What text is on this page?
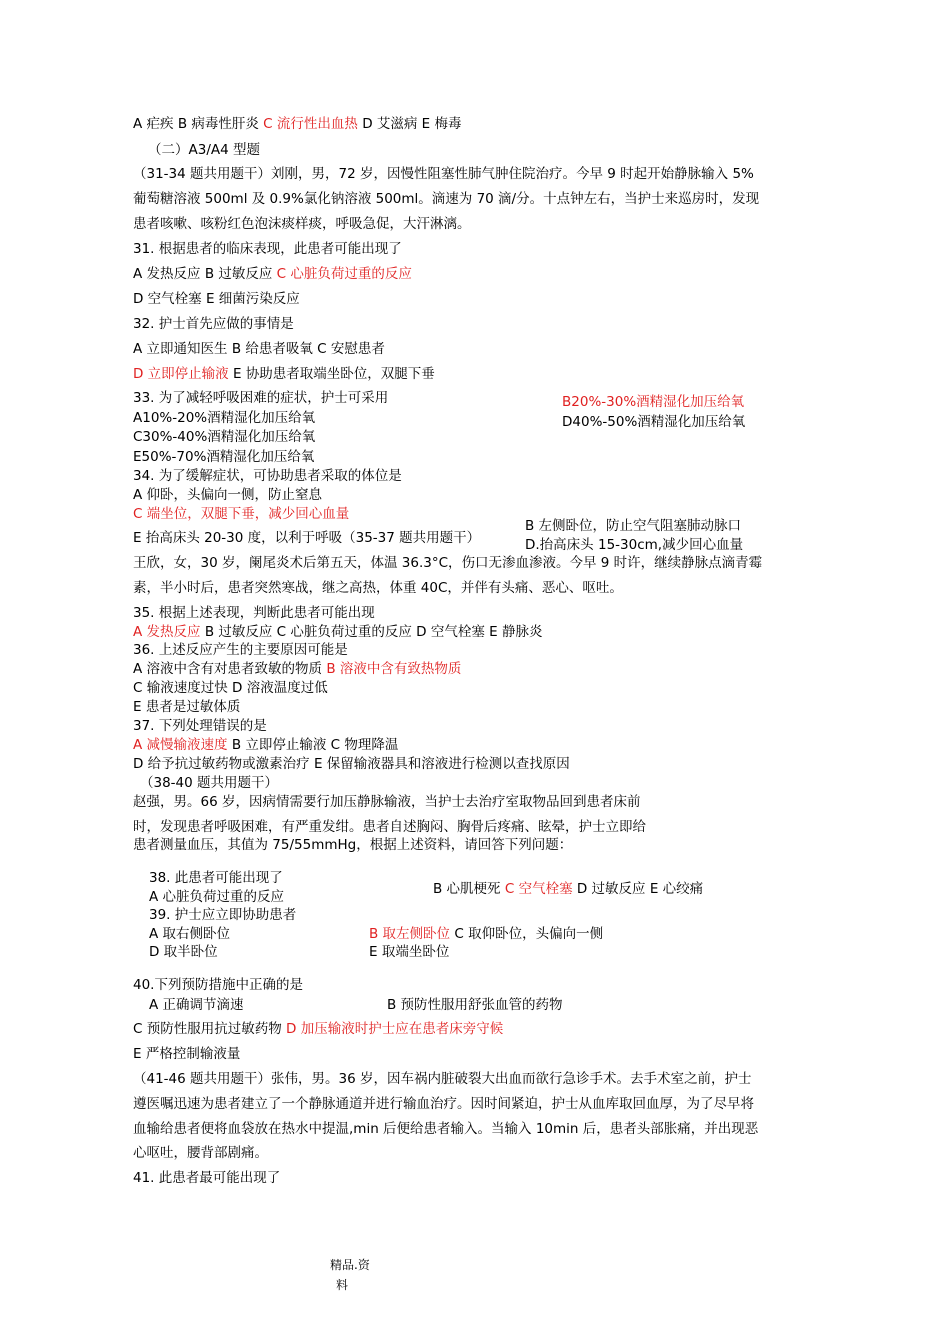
A 疟疾 B 病毒性肝炎 C 流行性出血热 D 艾滋病 E 梅毒
（二）A3/A4 型题
（31-34 题共用题干）刘刚，男，72 岁，因慢性阻塞性肺气肿住院治疗。今早 9 时起开始静脉输入 5%
葡萄糖溶液 500ml 及 0.9%氯化钠溶液 500ml。滴速为 70 滴/分。十点钟左右，当护士来巡房时，发现
患者咳嗽、咳粉红色泡沫痰样痰，呼吸急促，大汗淋漓。
31. 根据患者的临床表现，此患者可能出现了
A 发热反应 B 过敏反应 C 心脏负荷过重的反应
D 空气栓塞 E 细菌污染反应
32. 护士首先应做的事情是
A 立即通知医生 B 给患者吸氧 C 安慰患者
D 立即停止输液 E 协助患者取端坐卧位，双腿下垂
33. 为了减轻呼吸困难的症状，护士可采用	B20%-30%酒精湿化加压给氧
A10%-20%酒精湿化加压给氧	D40%-50%酒精湿化加压给氧
C30%-40%酒精湿化加压给氧
E50%-70%酒精湿化加压给氧
34. 为了缓解症状，可协助患者采取的体位是
A 仰卧，头偏向一侧，防止窒息
C 端坐位，双腿下垂，减少回心血量
B 左侧卧位，防止空气阻塞肺动脉口
E 抬高床头 20-30 度，以利于呼吸（35-37 题共用题干）	D.抬高床头 15-30cm,减少回心血量
王欣，女，30 岁，阑尾炎术后第五天，体温 36.3°C，伤口无渗血渗液。今早 9 时许，继续静脉点滴青霉
素，半小时后，患者突然寒战，继之高热，体重 40C，并伴有头痛、恶心、呕吐。
35. 根据上述表现，判断此患者可能出现
A 发热反应 B 过敏反应 C 心脏负荷过重的反应 D 空气栓塞 E 静脉炎
36. 上述反应产生的主要原因可能是
A 溶液中含有对患者致敏的物质 B 溶液中含有致热物质
C 输液速度过快 D 溶液温度过低
E 患者是过敏体质
37. 下列处理错误的是
A 减慢输液速度 B 立即停止输液 C 物理降温
D 给予抗过敏药物或激素治疗 E 保留输液器具和溶液进行检测以查找原因
（38-40 题共用题干）
赵强，男。66 岁，因病情需要行加压静脉输液，当护士去治疗室取物品回到患者床前
时，发现患者呼吸困难，有严重发绀。患者自述胸闷、胸骨后疼痛、眩晕，护士立即给
患者测量血压，其值为 75/55mmHg，根据上述资料，请回答下列问题：
38. 此患者可能出现了
A 心脏负荷过重的反应	B 心肌梗死 C 空气栓塞 D 过敏反应 E 心绞痛
39. 护士应立即协助患者
A 取右侧卧位	B 取左侧卧位 C 取仰卧位，头偏向一侧
D 取半卧位	E 取端坐卧位
40.下列预防措施中正确的是
A 正确调节滴速	B 预防性服用舒张血管的药物
C 预防性服用抗过敏药物 D 加压输液时护士应在患者床旁守候
E 严格控制输液量
（41-46 题共用题干）张伟，男。36 岁，因车祸内脏破裂大出血而欲行急诊手术。去手术室之前，护士
遵医嘱迅速为患者建立了一个静脉通道并进行输血治疗。因时间紧迫，护士从血库取回血厚，为了尽早将
血输给患者便将血袋放在热水中提温,min 后便给患者输入。当输入 10min 后，患者头部胀痛，并出现恶
心呕吐，腰背部剧痛。
41. 此患者最可能出现了
精品.资
料
